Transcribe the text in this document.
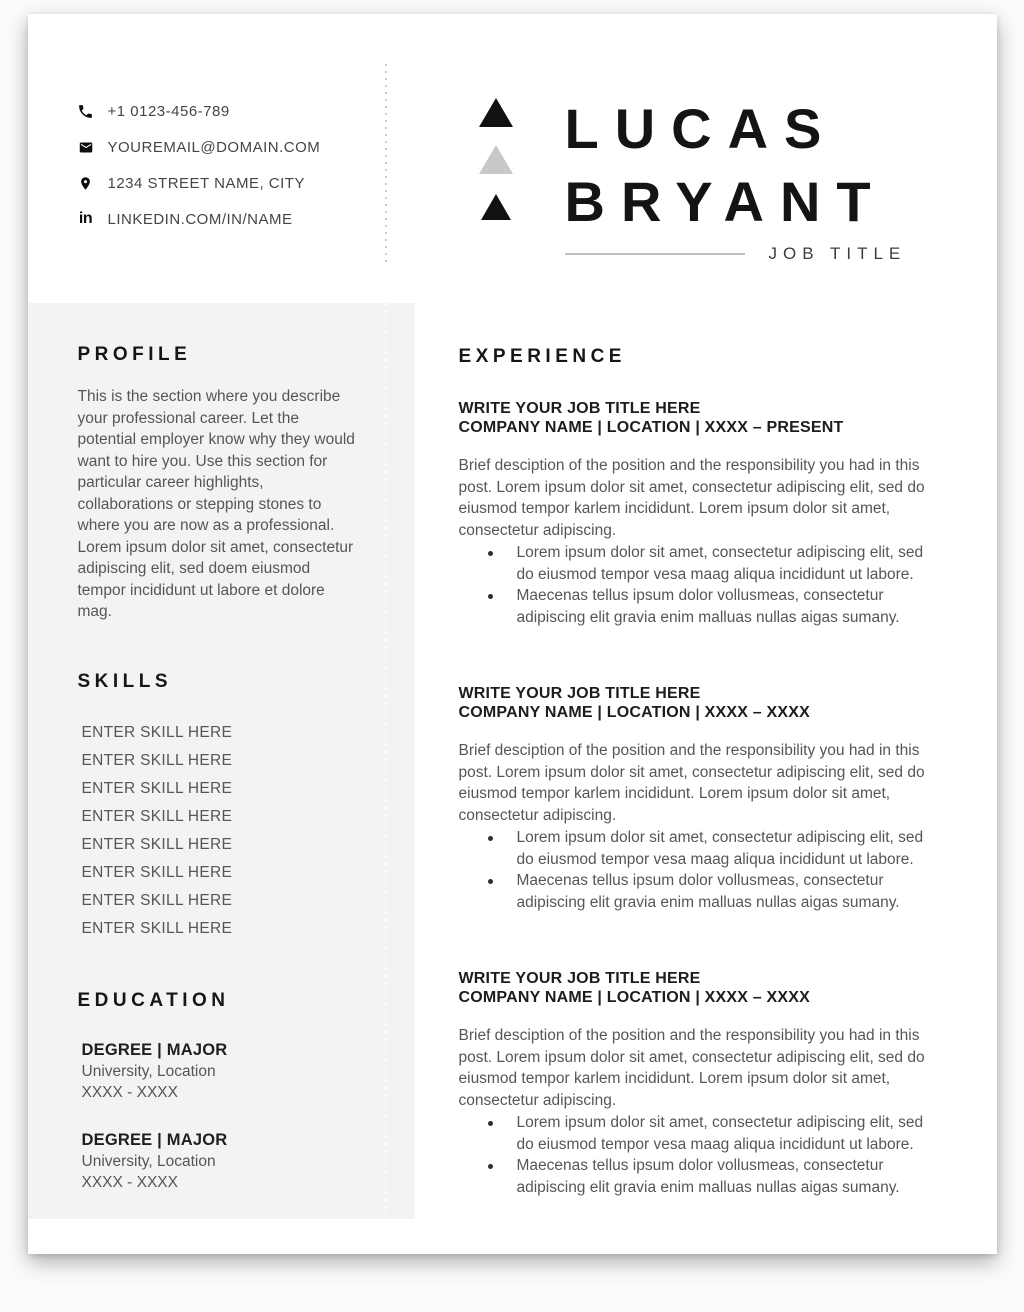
+1 0123-456-789
YOUREMAIL@DOMAIN.COM
1234 STREET NAME, CITY
in LINKEDIN.COM/IN/NAME
LUCAS
BRYANT
JOB TITLE
PROFILE

This is the section where you describe your professional career. Let the potential employer know why they would want to hire you. Use this section for particular career highlights, collaborations or stepping stones to where you are now as a professional. Lorem ipsum dolor sit amet, consectetur adipiscing elit, sed doem eiusmod tempor incididunt ut labore et dolore mag.

SKILLS
ENTER SKILL HERE
ENTER SKILL HERE
ENTER SKILL HERE
ENTER SKILL HERE
ENTER SKILL HERE
ENTER SKILL HERE
ENTER SKILL HERE
ENTER SKILL HERE
EDUCATION
DEGREE | MAJOR
University, Location
XXXX - XXXX
DEGREE | MAJOR
University, Location
XXXX - XXXX
EXPERIENCE
WRITE YOUR JOB TITLE HERE
COMPANY NAME | LOCATION | XXXX – PRESENT

Brief desciption of the position and the responsibility you had in this post. Lorem ipsum dolor sit amet, consectetur adipiscing elit, sed do eiusmod tempor karlem incididunt. Lorem ipsum dolor sit amet, consectetur adipiscing.

Lorem ipsum dolor sit amet, consectetur adipiscing elit, sed do eiusmod tempor vesa maag aliqua incididunt ut labore.
Maecenas tellus ipsum dolor vollusmeas, consectetur adipiscing elit gravia enim malluas nullas aigas sumany.
WRITE YOUR JOB TITLE HERE
COMPANY NAME | LOCATION | XXXX – XXXX

Brief desciption of the position and the responsibility you had in this post. Lorem ipsum dolor sit amet, consectetur adipiscing elit, sed do eiusmod tempor karlem incididunt. Lorem ipsum dolor sit amet, consectetur adipiscing.

Lorem ipsum dolor sit amet, consectetur adipiscing elit, sed do eiusmod tempor vesa maag aliqua incididunt ut labore.
Maecenas tellus ipsum dolor vollusmeas, consectetur adipiscing elit gravia enim malluas nullas aigas sumany.
WRITE YOUR JOB TITLE HERE
COMPANY NAME | LOCATION | XXXX – XXXX

Brief desciption of the position and the responsibility you had in this post. Lorem ipsum dolor sit amet, consectetur adipiscing elit, sed do eiusmod tempor karlem incididunt. Lorem ipsum dolor sit amet, consectetur adipiscing.

Lorem ipsum dolor sit amet, consectetur adipiscing elit, sed do eiusmod tempor vesa maag aliqua incididunt ut labore.
Maecenas tellus ipsum dolor vollusmeas, consectetur adipiscing elit gravia enim malluas nullas aigas sumany.
